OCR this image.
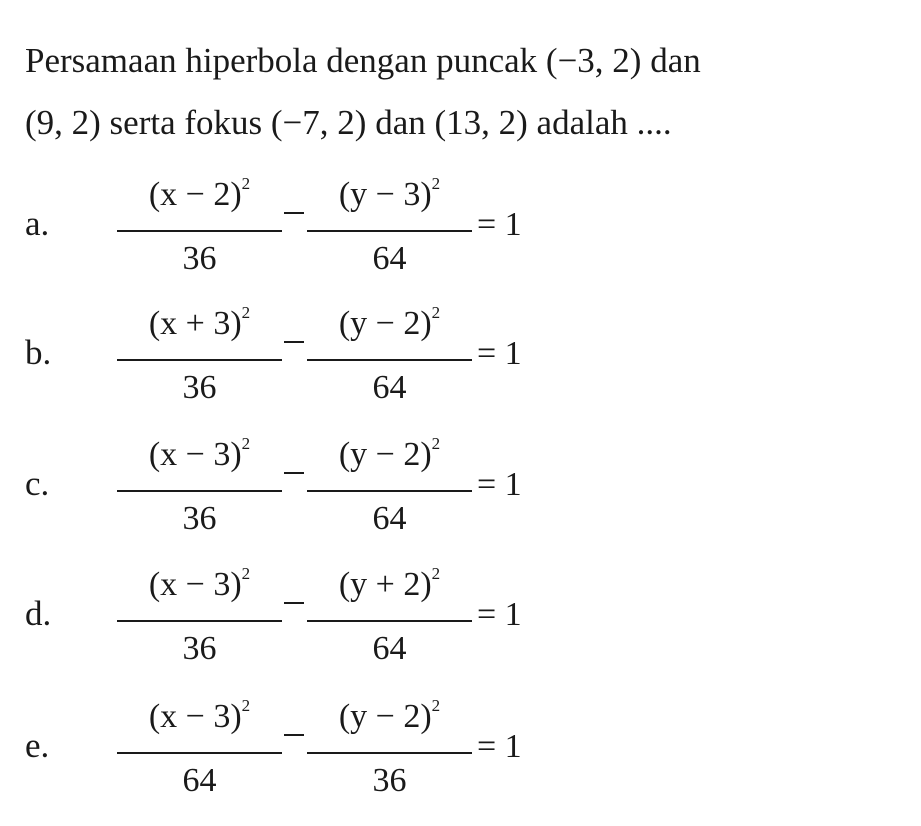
Persamaan hiperbola dengan puncak (−3, 2) dan
(9, 2) serta fokus (−7, 2) dan (13, 2) adalah ....
a.
$(x - 2)^2$
36
$(y - 3)^2$
64
= 1
b.
$(x + 3)^2$
36
$(y - 2)^2$
64
= 1
c.
$(x - 3)^2$
36
$(y - 2)^2$
64
= 1
d.
$(x - 3)^2$
36
$(y + 2)^2$
64
= 1
e.
$(x - 3)^2$
64
$(y - 2)^2$
36
= 1
